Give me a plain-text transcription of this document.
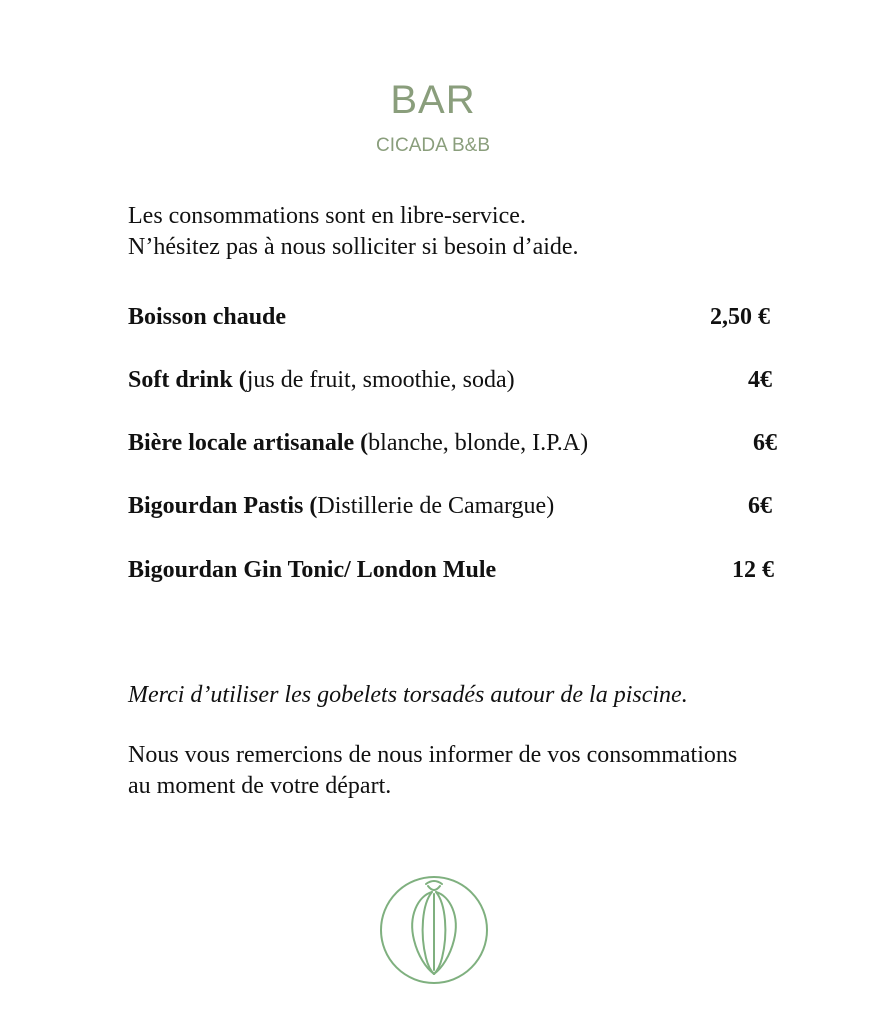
BAR
CICADA B&B
Les consommations sont en libre-service.
N’hésitez pas à nous solliciter si besoin d’aide.
Boisson chaude	2,50 €
Soft drink (jus de fruit, smoothie, soda)	4€
Bière locale artisanale (blanche, blonde, I.P.A)	6€
Bigourdan Pastis (Distillerie de Camargue)	6€
Bigourdan Gin Tonic/ London Mule	12 €
Merci d’utiliser les gobelets torsadés autour de la piscine.
Nous vous remercions de nous informer de vos consommations
au moment de votre départ.
